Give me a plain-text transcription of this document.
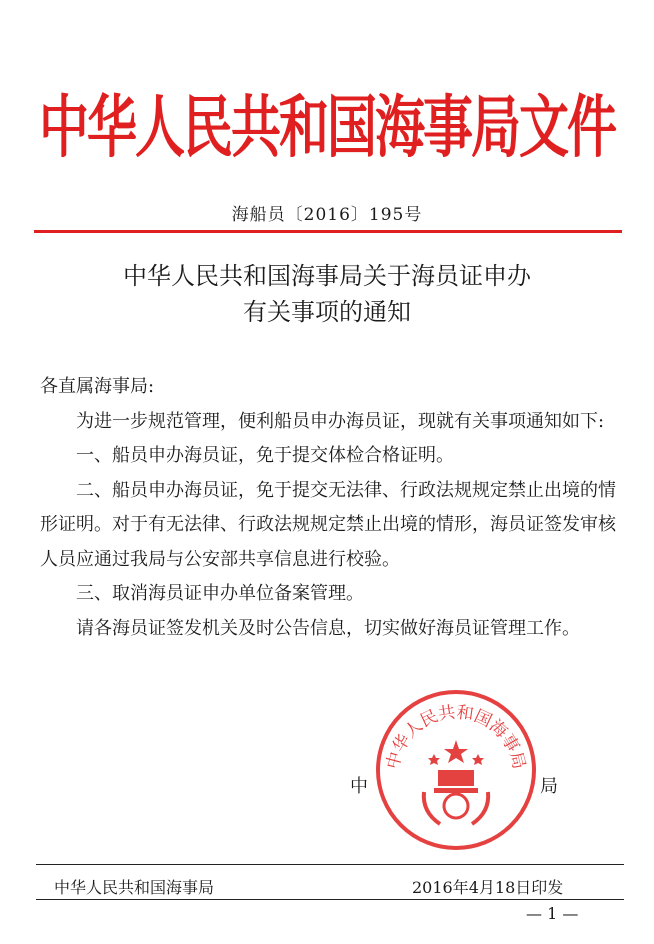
中华人民共和国海事局文件
海船员〔2016〕195号
中华人民共和国海事局关于海员证申办
有关事项的通知

各直属海事局:

为进一步规范管理，便利船员申办海员证，现就有关事项通知如下:

一、船员申办海员证，免于提交体检合格证明。

二、船员申办海员证，免于提交无法律、行政法规规定禁止出境的情形证明。对于有无法律、行政法规规定禁止出境的情形，海员证签发审核人员应通过我局与公安部共享信息进行校验。

三、取消海员证申办单位备案管理。

请各海员证签发机关及时公告信息，切实做好海员证管理工作。

中华人民共和国海事局
中	局
中华人民共和国海事局	2016年4月18日印发
— 1 —
